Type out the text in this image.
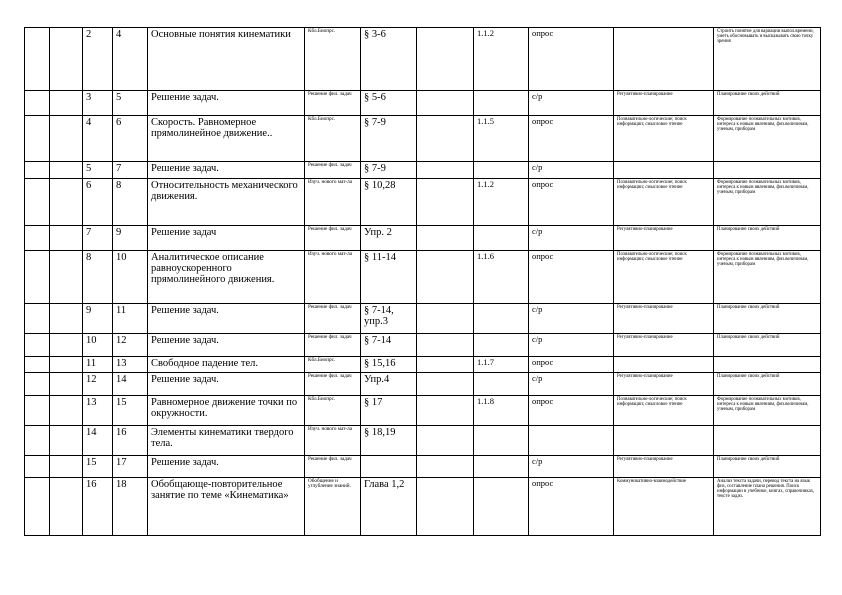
		2	4	Основные понятия кинематики	Кбл.Биопрс.	§ 3-6		1.1.2	опрос		Строить понятие для вариации выпол.времени, уметь обосновывать и высказывать свою точку зрения
		3	5	Решение задач.	Решение фил. задач	§ 5-6			с/р	Регулятивно-планирование	Планирование своих действий
		4	6	Скорость. Равномерное прямолинейное движение..	Кбл.Биопрс.	§ 7-9		1.1.5	опрос	Познавательно-логические; поиск информации; смысловое чтение	Формирование познавательных мотивов, интереса к новым явлениям, физ.величинам, ученым, приборам
		5	7	Решение задач.	Решение фил. задач	§ 7-9			с/р		
		6	8	Относительность механического движения.	Изуч. нового мат-ла	§ 10,28		1.1.2	опрос	Познавательно-логические; поиск информации; смысловое чтение	Формирование познавательных мотивов, интереса к новым явлениям, физ.величинам, ученым, приборам
		7	9	Решение задач	Решение фил. задач	Упр. 2			с/р	Регулятивно-планирование	Планирование своих действий
		8	10	Аналитическое описание равноускоренного прямолинейного движения.	Изуч. нового мат-ла	§ 11-14		1.1.6	опрос	Познавательно-логические; поиск информации; смысловое чтение	Формирование познавательных мотивов, интереса к новым явлениям, физ.величинам, ученым, приборам
		9	11	Решение задач.	Решение фил. задач	§ 7-14, упр.3			с/р	Регулятивно-планирование	Планирование своих действий
		10	12	Решение задач.	Решение фил. задач	§ 7-14			с/р	Регулятивно-планирование	Планирование своих действий
		11	13	Свободное падение тел.	Кбл.Биопрс.	§ 15,16		1.1.7	опрос		
		12	14	Решение задач.	Решение фил. задач	Упр.4			с/р	Регулятивно-планирование	Планирование своих действий
		13	15	Равномерное движение точки по окружности.	Кбл.Биопрс.	§ 17		1.1.8	опрос	Познавательно-логические; поиск информации; смысловое чтение	Формирование познавательных мотивов, интереса к новым явлениям, физ.величинам, ученым, приборам
		14	16	Элементы кинематики твердого тела.	Изуч. нового мат-ла	§ 18,19					
		15	17	Решение задач.	Решение фил. задач				с/р	Регулятивно-планирование	Планирование своих действий
		16	18	Обобщающе-повторительное занятие по теме «Кинематика»	Обобщение и углубление знаний.	Глава 1,2			опрос	Коммуникативно-взаимодействие	Анализ текста задачи, перевод текста на язык физ, составление плана решения. Поиск информации в учебнике, книгах, справочниках, тексте задач.
